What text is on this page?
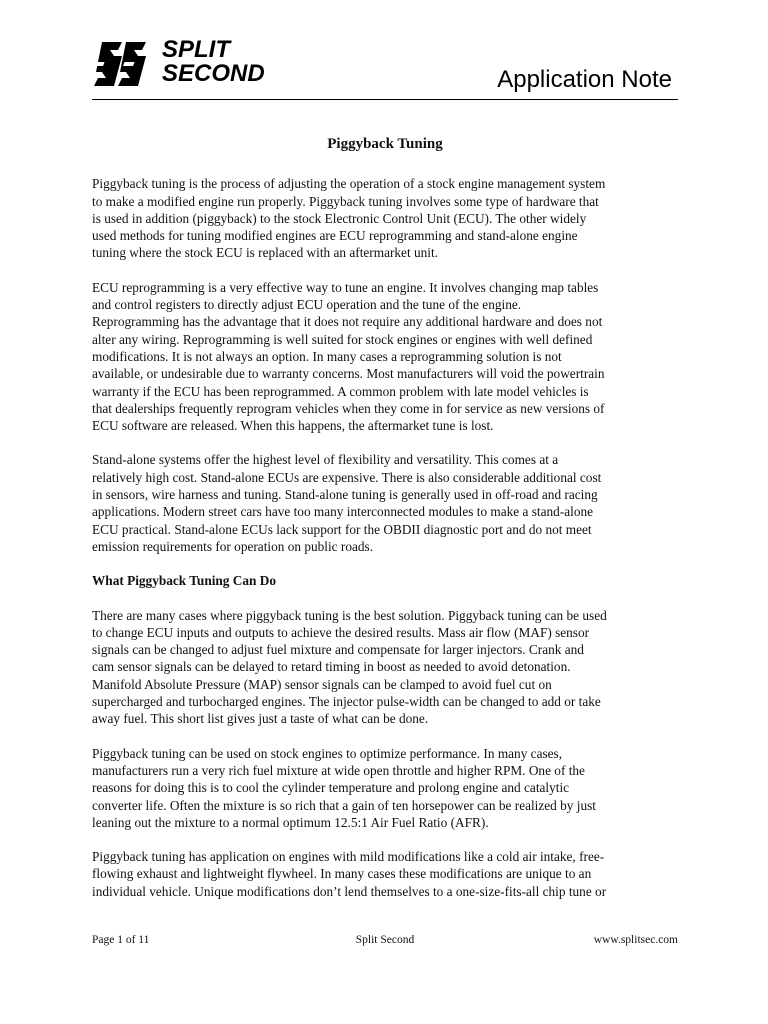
SPLIT
SECOND	Application Note
Piggyback Tuning
Piggyback tuning is the process of adjusting the operation of a stock engine management system
to make a modified engine run properly. Piggyback tuning involves some type of hardware that
is used in addition (piggyback) to the stock Electronic Control Unit (ECU). The other widely
used methods for tuning modified engines are ECU reprogramming and stand-alone engine
tuning where the stock ECU is replaced with an aftermarket unit.
ECU reprogramming is a very effective way to tune an engine. It involves changing map tables
and control registers to directly adjust ECU operation and the tune of the engine.
Reprogramming has the advantage that it does not require any additional hardware and does not
alter any wiring. Reprogramming is well suited for stock engines or engines with well defined
modifications. It is not always an option. In many cases a reprogramming solution is not
available, or undesirable due to warranty concerns. Most manufacturers will void the powertrain
warranty if the ECU has been reprogrammed. A common problem with late model vehicles is
that dealerships frequently reprogram vehicles when they come in for service as new versions of
ECU software are released. When this happens, the aftermarket tune is lost.
Stand-alone systems offer the highest level of flexibility and versatility. This comes at a
relatively high cost. Stand-alone ECUs are expensive. There is also considerable additional cost
in sensors, wire harness and tuning. Stand-alone tuning is generally used in off-road and racing
applications. Modern street cars have too many interconnected modules to make a stand-alone
ECU practical. Stand-alone ECUs lack support for the OBDII diagnostic port and do not meet
emission requirements for operation on public roads.
What Piggyback Tuning Can Do
There are many cases where piggyback tuning is the best solution. Piggyback tuning can be used
to change ECU inputs and outputs to achieve the desired results. Mass air flow (MAF) sensor
signals can be changed to adjust fuel mixture and compensate for larger injectors. Crank and
cam sensor signals can be delayed to retard timing in boost as needed to avoid detonation.
Manifold Absolute Pressure (MAP) sensor signals can be clamped to avoid fuel cut on
supercharged and turbocharged engines. The injector pulse-width can be changed to add or take
away fuel. This short list gives just a taste of what can be done.
Piggyback tuning can be used on stock engines to optimize performance. In many cases,
manufacturers run a very rich fuel mixture at wide open throttle and higher RPM. One of the
reasons for doing this is to cool the cylinder temperature and prolong engine and catalytic
converter life. Often the mixture is so rich that a gain of ten horsepower can be realized by just
leaning out the mixture to a normal optimum 12.5:1 Air Fuel Ratio (AFR).
Piggyback tuning has application on engines with mild modifications like a cold air intake, free-
flowing exhaust and lightweight flywheel. In many cases these modifications are unique to an
individual vehicle. Unique modifications don’t lend themselves to a one-size-fits-all chip tune or
Page 1 of 11	Split Second	www.splitsec.com
